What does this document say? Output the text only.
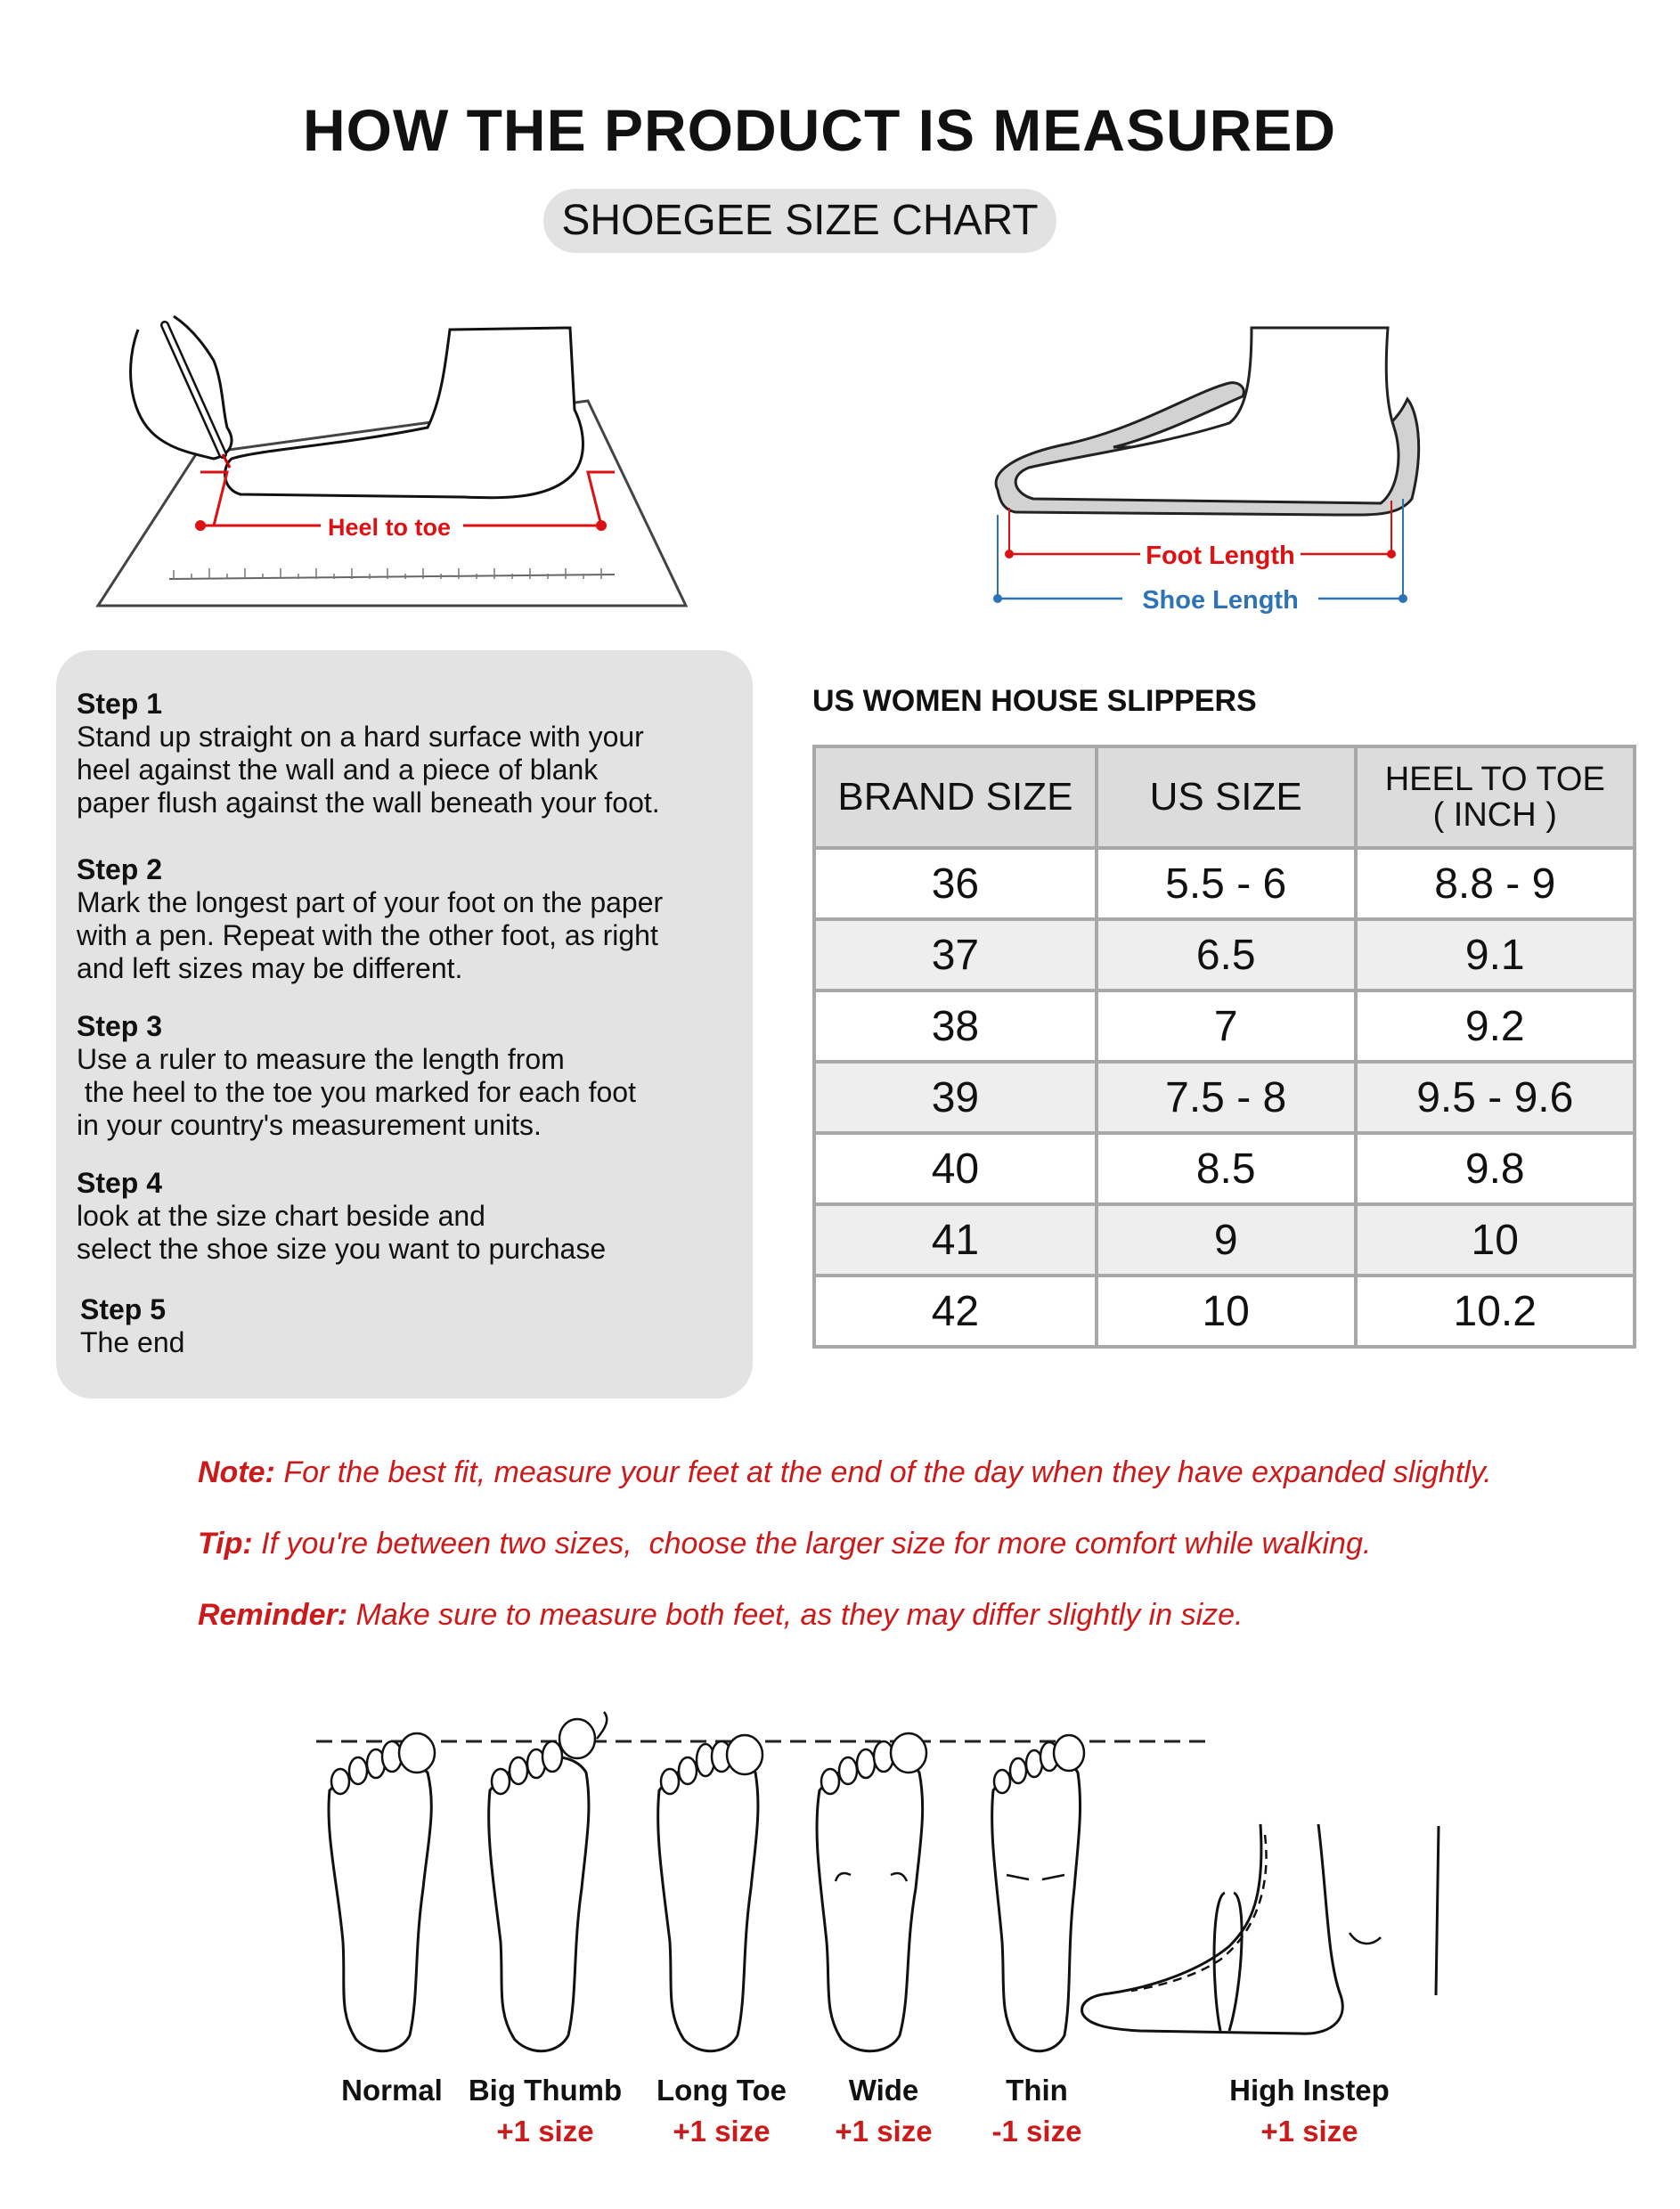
HOW THE PRODUCT IS MEASURED
SHOEGEE SIZE CHART
Heel to toe
Foot Length
Shoe Length
Step 1
Stand up straight on a hard surface with your
heel against the wall and a piece of blank
paper flush against the wall beneath your foot.
Step 2
Mark the longest part of your foot on the paper
with a pen. Repeat with the other foot, as right
and left sizes may be different.
Step 3
Use a ruler to measure the length from
the heel to the toe you marked for each foot
in your country's measurement units.
Step 4
look at the size chart beside and
select the shoe size you want to purchase
Step 5
The end
US WOMEN HOUSE SLIPPERS
BRAND SIZE	US SIZE	HEEL TO TOE
( INCH )
36	5.5 - 6	8.8 - 9
37	6.5	9.1
38	7	9.2
39	7.5 - 8	9.5 - 9.6
40	8.5	9.8
41	9	10
42	10	10.2
Note: For the best fit, measure your feet at the end of the day when they have expanded slightly.
Tip: If you're between two sizes,  choose the larger size for more comfort while walking.
Reminder: Make sure to measure both feet, as they may differ slightly in size.
Normal Big Thumb
+1 size
Long Toe
+1 size
Wide
+1 size
Thin
-1 size
High Instep
+1 size
